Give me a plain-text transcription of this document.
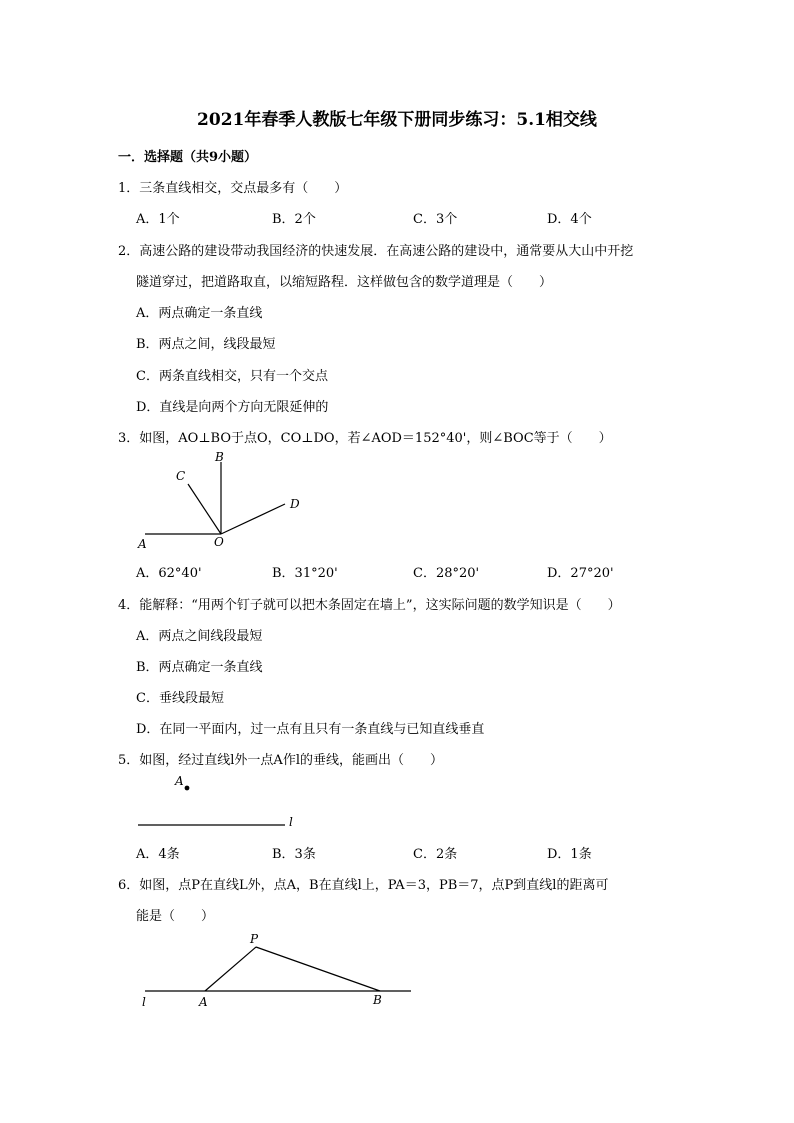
2021年春季人教版七年级下册同步练习：5.1相交线
一．选择题（共9小题）
1．三条直线相交，交点最多有（　　）
A．1个	B．2个	C．3个	D．4个
2．高速公路的建设带动我国经济的快速发展．在高速公路的建设中，通常要从大山中开挖
隧道穿过，把道路取直，以缩短路程．这样做包含的数学道理是（　　）
A．两点确定一条直线
B．两点之间，线段最短
C．两条直线相交，只有一个交点
D．直线是向两个方向无限延伸的
3．如图，AO⊥BO于点O，CO⊥DO，若∠AOD＝152°40'，则∠BOC等于（　　）
B
C
D
A	O
A．62°40'	B．31°20'	C．28°20'	D．27°20'
4．能解释：“用两个钉子就可以把木条固定在墙上”，这实际问题的数学知识是（　　）
A．两点之间线段最短
B．两点确定一条直线
C．垂线段最短
D．在同一平面内，过一点有且只有一条直线与已知直线垂直
5．如图，经过直线l外一点A作l的垂线，能画出（　　）
A
l
A．4条	B．3条	C．2条	D．1条
6．如图，点P在直线L外，点A，B在直线l上，PA＝3，PB＝7，点P到直线l的距离可
能是（　　）
P
l	A	B
